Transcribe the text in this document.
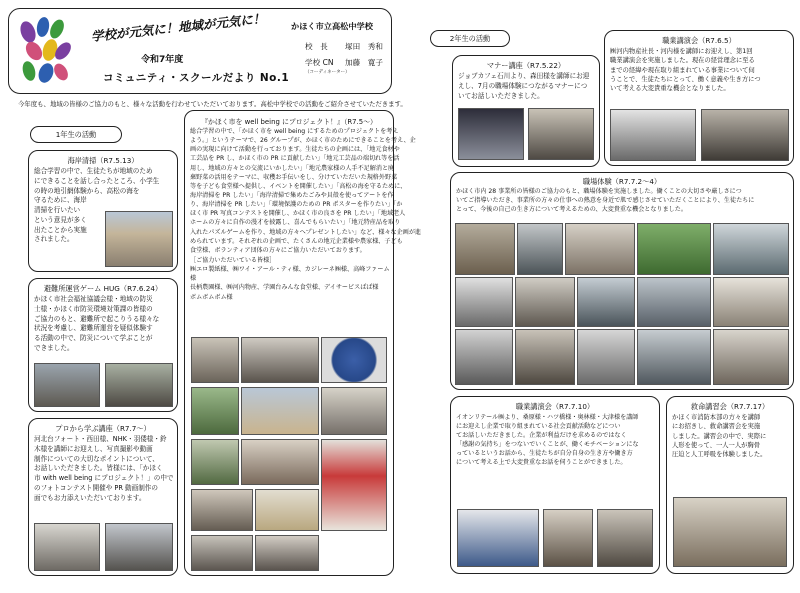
学校が元気に！地域が元気に！
令和7年度
コミュニティ・スクールだより No.1
かほく市立高松中学校
校　長 塚田　秀和
学校 CN 加藤　寛子
（コーディネーター）
今年度も、地域の皆様のご協力のもと、様々な活動を行わせていただいております。高松中学校での活動をご紹介させていただきます。
1年生の活動
海岸清掃（R7.5.13）
総合学習の中で、生徒たちが地域のため
にできることを話し合ったところ、小学生
の時の地引網体験から、高松の海を
守るために、海岸
清掃を行いたい
という意見が多く
出たことから実施
されました。
避難所運営ゲーム HUG（R7.6.24）
かほく市社会福祉協議会様・地域の防災
士様・かほく市防災環境対策課の皆様の
ご協力のもと、避難所で起こりうる様々な
状況を考慮し、避難所運営を疑似体験す
る活動の中で、防災について学ぶことが
できました。
プロから学ぶ講座（R7.7～）
河北台フォート・西田様、NHK・羽倭様・鈴
木様を講師にお迎えし、写真撮影や動画
制作についての大切なポイントについて、
お話しいただきました。皆様には、「かほく
市 with well being にプロジェクト！」の中で
のフォトコンテスト開催や PR 動画制作の
面でもお力添えいただいております。
『かほく市を well being にプロジェクト！』（R7.5～）
総合学習の中で、「かほく市を well being にするためのプロジェクトを考え
よう。」というテーマで、26 グループが、かほく市のためにできることを考え、企
画の実現に向けて活動を行っております。生徒たちの企画には、「地元食材や
工芸品を PR し、かほく市の PR に貢献したい」「地元工芸品の端切れ等を活
用し、地域の方々との交流にいかしたい」「地元農家様の人手不足解消と廃
棄野菜の活用をテーマに、収穫お手伝いをし、分けていただいた規格外野菜
等を子ども食堂様へ提供し、イベントを開催したい」「高松の海を守るために、
海岸清掃を PR したい」「海岸清掃で集めたごみや貝殻を使ってアートを作
り、海岸清掃を PR したい」「環境保護のための PR ポスターを作りたい」「か
ほく市 PR 写真コンテストを開催し、かほく市の良さを PR したい」「地域老人
ホームの方々に自作の漫才を披露し、喜んでもらいたい」「地元特産品を取り
入れたパズルゲームを作り、地域の方々へプレゼントしたい」など、様々な企画が進
められています。それぞれの企画で、たくさんの地元企業様や農家様、子ども
食堂様、ボランティア団体の方々にご協力いただいております。
［ご協力いただいている皆様］
㈱エロ製紙様、㈱ワイ・アール・ティ様、カジレーネ㈱様、高峰ファーム様
長柄農園様、㈱河内物産、学園台みんな食堂様、デイサービスぱぱ様
ボムボムボム様
2年生の活動
マナー講座（R7.5.22）
ジョブカフェ石川より、森田様を講師にお迎
えし、7月の職場体験につながるマナーにつ
いてお話しいただきました。
職業講演会（R7.6.5）
㈱河内物産社長・河内様を講師にお迎えし、第1回
職業講演会を実施しました。現在の経営理念に至る
までの経緯や現在取り組まれている事業について伺
うことで、生徒たちにとって、働く意義や生き方につ
いて考える大変貴重な機会となりました。
職場体験（R7.7.2～4）
かほく市内 28 事業所の皆様のご協力のもと、職場体験を実施しました。働くことの大切さや厳しさにつ
いてご指導いただき、事業所の方々の仕事への熱意を身近で肌で感じさせていただくことにより、生徒たちに
とって、今後の自己の生き方について考えるための、大変貴重な機会となりました。
職業講演会（R7.7.10）
イオンリテール㈱より、桑原様・ハツ橋様・奥林様・大津様を講師
にお迎えし企業で取り組まれている社会貢献活動などについ
てお話しいただきました。企業が利益だけを求めるのではなく
「感謝の気持ち」をつないでいくことが、働くモチベーションにな
っているというお話から、生徒たちが自分自身の生き方や働き方
について考える上で大変貴重なお話を伺うことができました。
救命講習会（R7.7.17）
かほく市消防本部の方々を講師
にお招きし、救命講習会を実施
しました。講習会の中で、実際に
人形を使って、一人一人が胸骨
圧迫と人工呼吸を体験しました。
